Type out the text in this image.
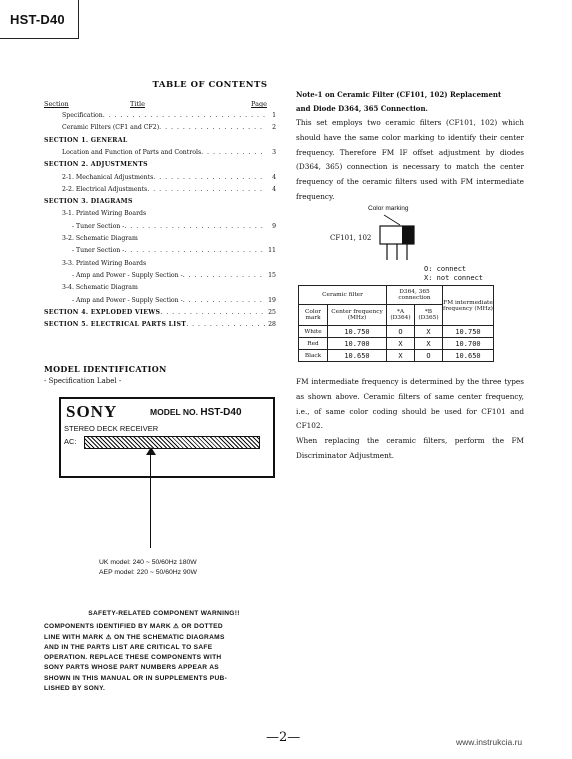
HST-D40
TABLE OF CONTENTS
Section	Title	Page
Specification . . .	1
Ceramic Filters (CF1 and CF2) . . .	2
SECTION 1. GENERAL
Location and Function of Parts and Controls . . .	3
SECTION 2. ADJUSTMENTS
2-1. Mechanical Adjustments . . .	4
2-2. Electrical Adjustments . . .	4
SECTION 3. DIAGRAMS
3-1. Printed Wiring Boards
- Tuner Section - . . .	9
3-2. Schematic Diagram
- Tuner Section - . . .	11
3-3. Printed Wiring Boards
- Amp and Power - Supply Section - . . .	15
3-4. Schematic Diagram
- Amp and Power - Supply Section - . . .	19
SECTION 4. EXPLODED VIEWS . . .	25
SECTION 5. ELECTRICAL PARTS LIST . . .	28
MODEL IDENTIFICATION
- Specification Label -
SONY	MODEL NO. HST-D40
STEREO DECK RECEIVER
AC:
UK model: 240 ~ 50/60Hz 180W
AEP model: 220 ~ 50/60Hz 90W
SAFETY-RELATED COMPONENT WARNING!!
COMPONENTS IDENTIFIED BY MARK ⚠ OR DOTTED
LINE WITH MARK ⚠ ON THE SCHEMATIC DIAGRAMS
AND IN THE PARTS LIST ARE CRITICAL TO SAFE
OPERATION. REPLACE THESE COMPONENTS WITH
SONY PARTS WHOSE PART NUMBERS APPEAR AS
SHOWN IN THIS MANUAL OR IN SUPPLEMENTS PUB-
LISHED BY SONY.
Note-1 on Ceramic Filter (CF101, 102) Replacement
and Diode D364, 365 Connection.
This set employs two ceramic filters (CF101, 102) which should have the same color marking to identify their center frequency. Therefore FM IF offset adjustment by diodes (D364, 365) connection is necessary to match the center frequency of the ceramic filters used with FM intermediate frequency.
Color marking
CF101, 102
O: connect
X: not connect
Ceramic filter		D364, 365 connection		FM intermediate frequency (MHz)
Color mark	Center frequency (MHz)	*A (D364)	*B (D365)	
White	10.750	O	X	10.750
Red	10.700	X	X	10.700
Black	10.650	X	O	10.650
FM intermediate frequency is determined by the three types as shown above. Ceramic filters of same center frequency, i.e., of same color coding should be used for CF101 and CF102.
When replacing the ceramic filters, perform the FM Discriminator Adjustment.
—2—	www.instrukcia.ru
